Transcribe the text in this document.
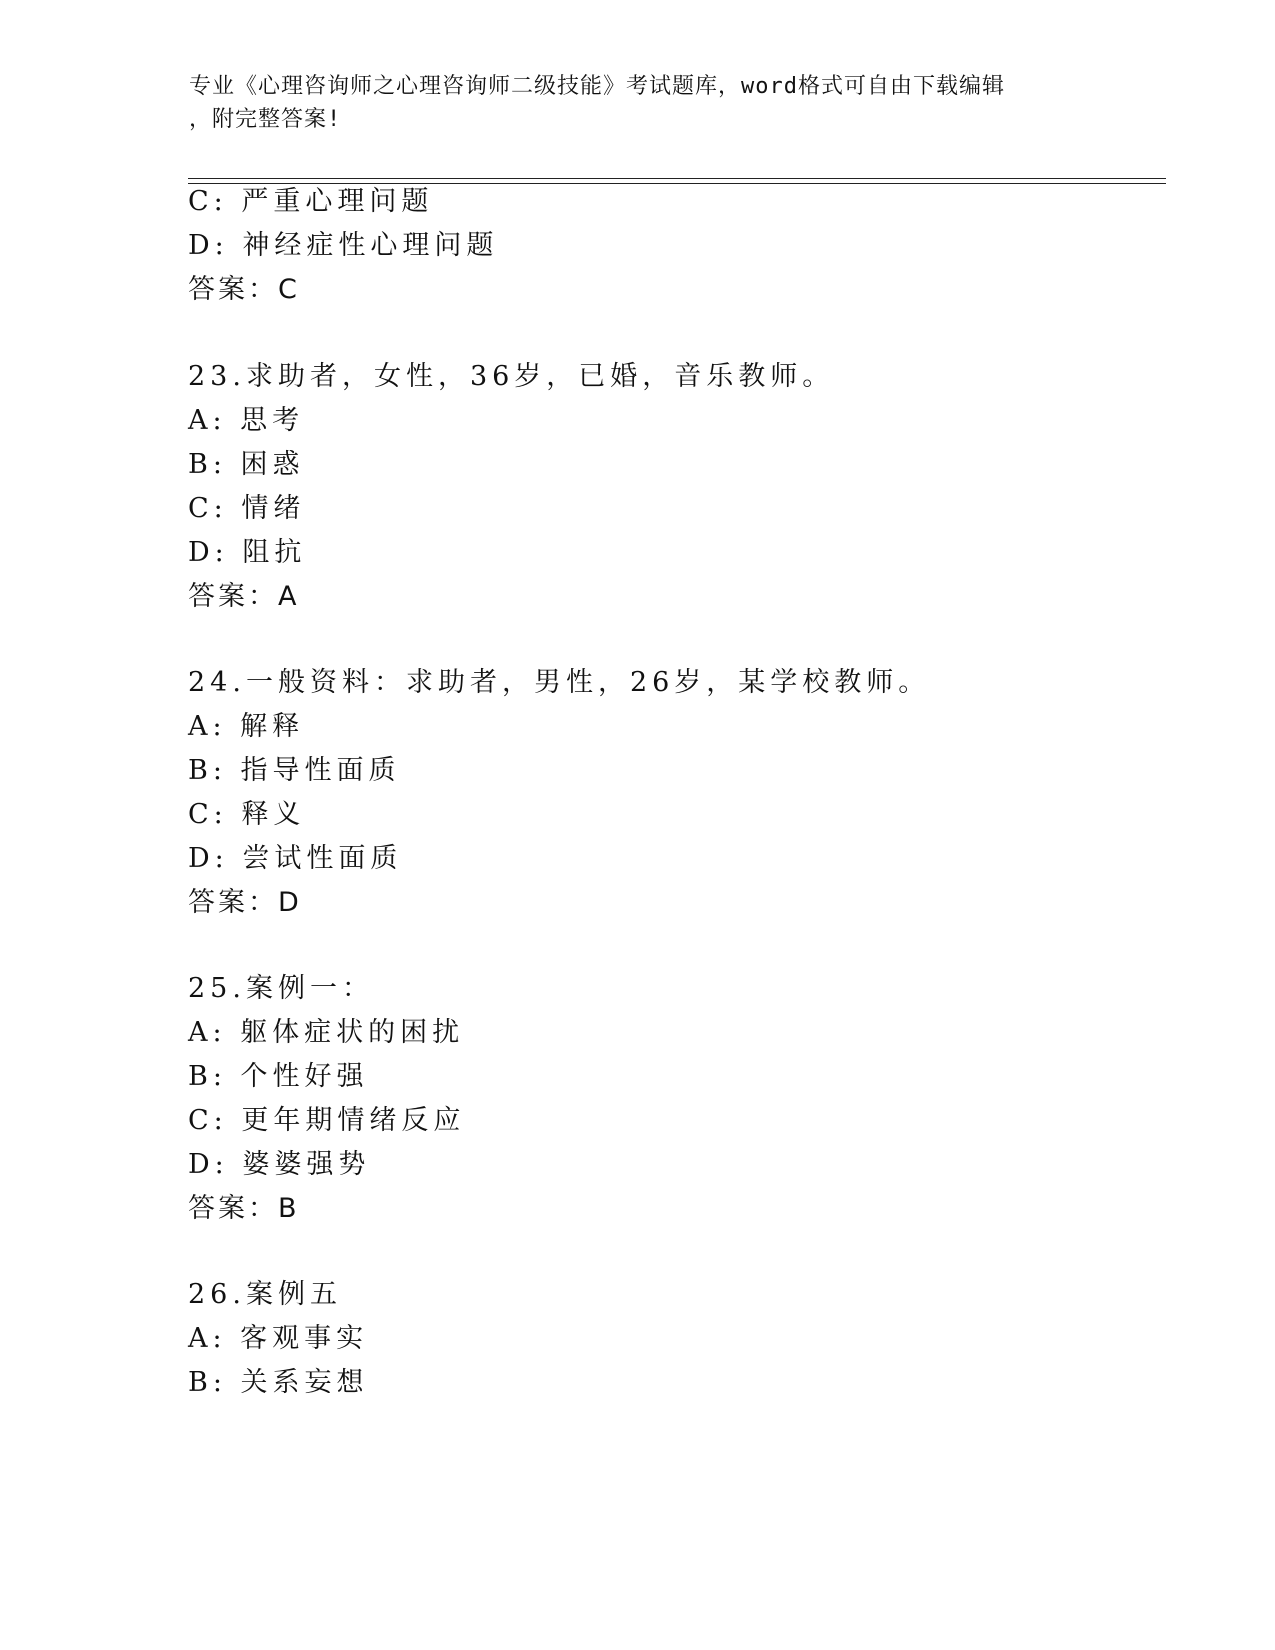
专业《心理咨询师之心理咨询师二级技能》考试题库，word格式可自由下载编辑
，附完整答案!
C: 严重心理问题
D: 神经症性心理问题
答案：C
23.求助者，女性，36岁，已婚，音乐教师。
A: 思考
B: 困惑
C: 情绪
D: 阻抗
答案：A
24.一般资料：求助者，男性，26岁，某学校教师。
A: 解释
B: 指导性面质
C: 释义
D: 尝试性面质
答案：D
25.案例一：
A: 躯体症状的困扰
B: 个性好强
C: 更年期情绪反应
D: 婆婆强势
答案：B
26.案例五
A: 客观事实
B: 关系妄想
